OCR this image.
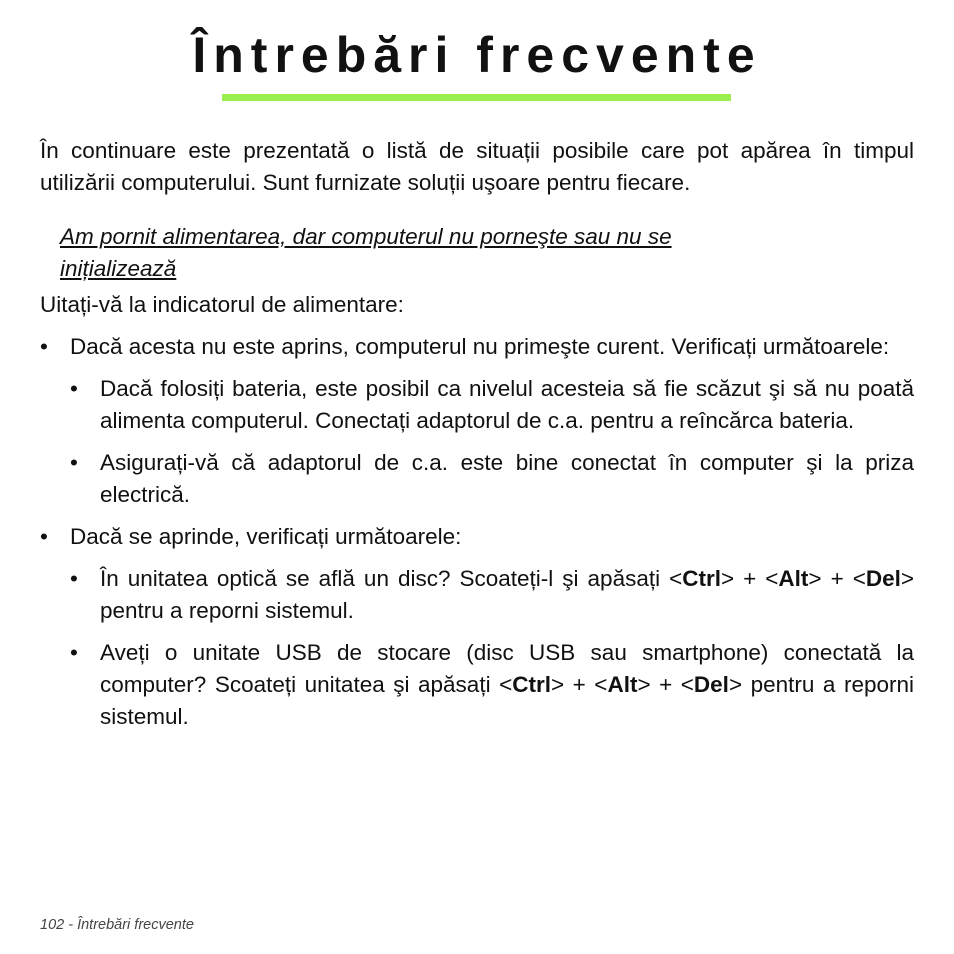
Întrebări frecvente

În continuare este prezentată o listă de situații posibile care pot apărea în timpul utilizării computerului. Sunt furnizate soluții uşoare pentru fiecare.

Am pornit alimentarea, dar computerul nu porneşte sau nu se inițializează

Uitați-vă la indicatorul de alimentare:

• Dacă acesta nu este aprins, computerul nu primeşte curent. Verificați următoarele:
• Dacă folosiți bateria, este posibil ca nivelul acesteia să fie scăzut şi să nu poată alimenta computerul. Conectați adaptorul de c.a. pentru a reîncărca bateria.
• Asigurați-vă că adaptorul de c.a. este bine conectat în computer şi la priza electrică.
• Dacă se aprinde, verificați următoarele:
• În unitatea optică se află un disc? Scoateți-l şi apăsați <Ctrl> + <Alt> + <Del> pentru a reporni sistemul.
• Aveți o unitate USB de stocare (disc USB sau smartphone) conectată la computer? Scoateți unitatea şi apăsați <Ctrl> + <Alt> + <Del> pentru a reporni sistemul.
102 - Întrebări frecvente
